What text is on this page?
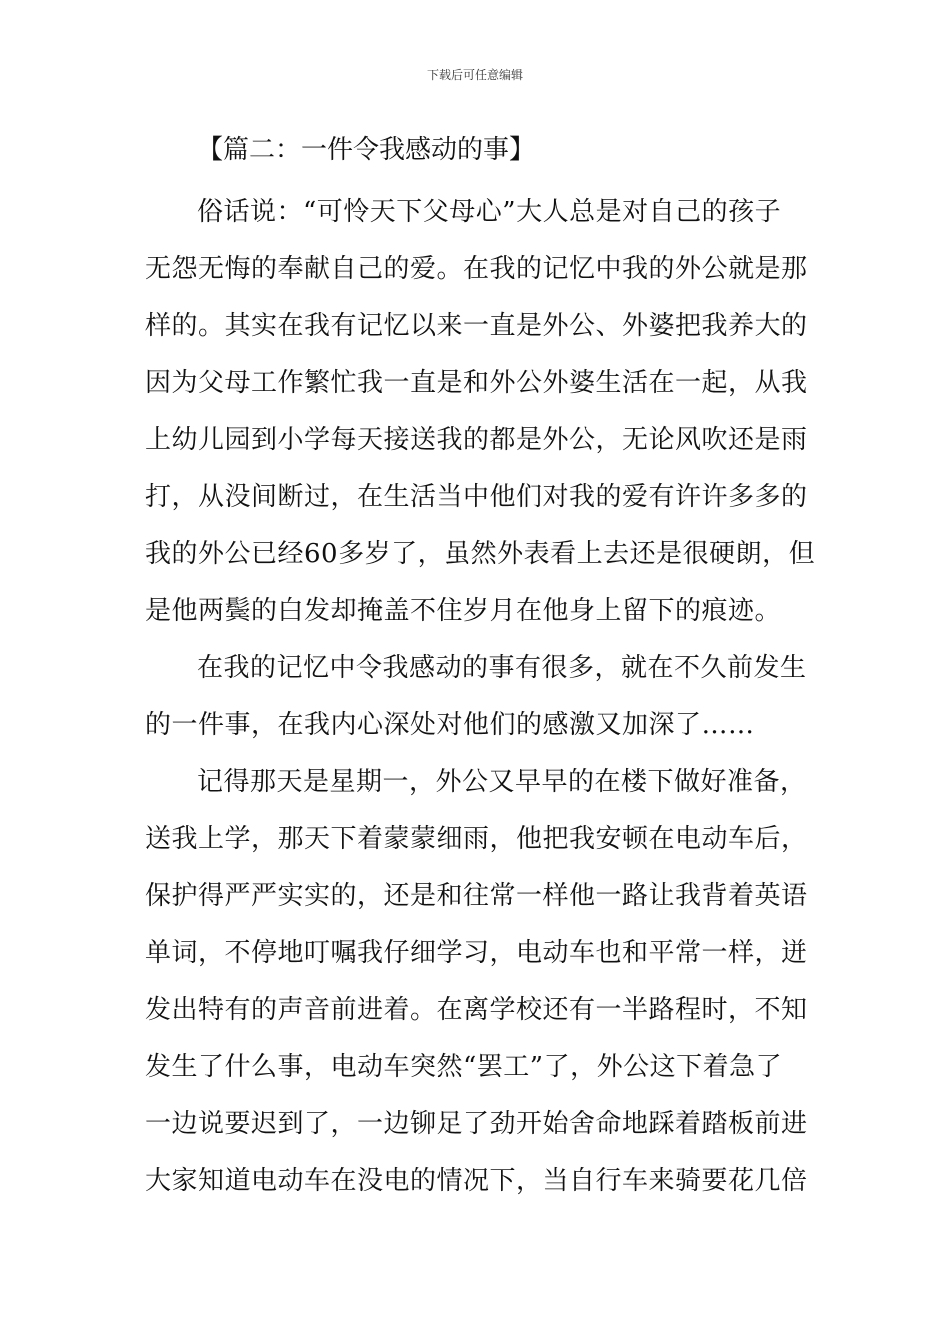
下载后可任意编辑
【篇二：一件令我感动的事】
俗话说：“可怜天下父母心”大人总是对自己的孩子
无怨无悔的奉献自己的爱。在我的记忆中我的外公就是那
样的。其实在我有记忆以来一直是外公、外婆把我养大的
因为父母工作繁忙我一直是和外公外婆生活在一起，从我
上幼儿园到小学每天接送我的都是外公，无论风吹还是雨
打，从没间断过，在生活当中他们对我的爱有许许多多的
我的外公已经60多岁了，虽然外表看上去还是很硬朗，但
是他两鬓的白发却掩盖不住岁月在他身上留下的痕迹。
在我的记忆中令我感动的事有很多，就在不久前发生
的一件事，在我内心深处对他们的感激又加深了……
记得那天是星期一，外公又早早的在楼下做好准备，
送我上学，那天下着蒙蒙细雨，他把我安顿在电动车后，
保护得严严实实的，还是和往常一样他一路让我背着英语
单词，不停地叮嘱我仔细学习，电动车也和平常一样，迸
发出特有的声音前进着。在离学校还有一半路程时，不知
发生了什么事，电动车突然“罢工”了，外公这下着急了
一边说要迟到了，一边铆足了劲开始舍命地踩着踏板前进
大家知道电动车在没电的情况下，当自行车来骑要花几倍
